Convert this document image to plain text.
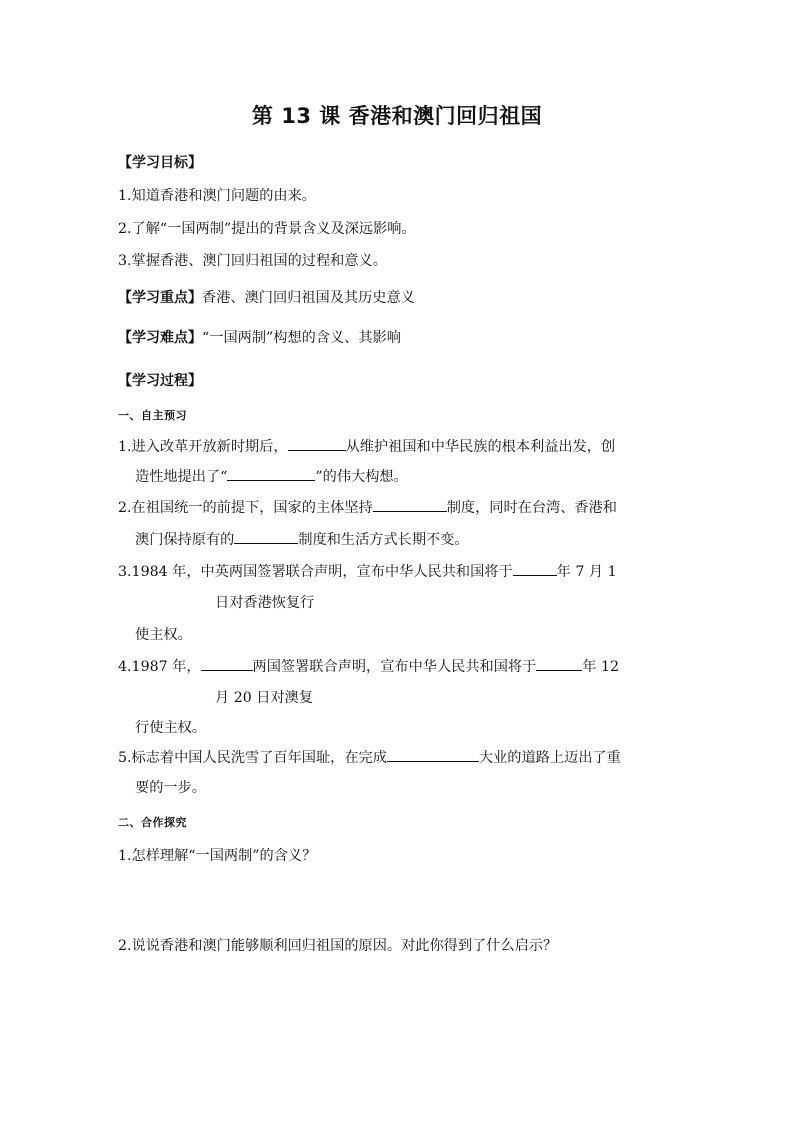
第 13 课 香港和澳门回归祖国
【学习目标】
1.知道香港和澳门问题的由来。
2.了解“一国两制”提出的背景含义及深远影响。
3.掌握香港、澳门回归祖国的过程和意义。
【学习重点】香港、澳门回归祖国及其历史意义
【学习难点】“一国两制”构想的含义、其影响
【学习过程】
一、自主预习
1.进入改革开放新时期后，	从维护祖国和中华民族的根本利益出发，创
造性地提出了“	”的伟大构想。
2.在祖国统一的前提下，国家的主体坚持	制度，同时在台湾、香港和
澳门保持原有的	制度和生活方式长期不变。
3.1984 年，中英两国签署联合声明，宣布中华人民共和国将于	年 7 月 1
日对香港恢复行
使主权。
4.1987 年，	两国签署联合声明，宣布中华人民共和国将于	年 12
月 20 日对澳复
行使主权。
5.标志着中国人民洗雪了百年国耻，在完成	大业的道路上迈出了重
要的一步。
二、合作探究
1.怎样理解“一国两制”的含义？
2.说说香港和澳门能够顺利回归祖国的原因。对此你得到了什么启示？
